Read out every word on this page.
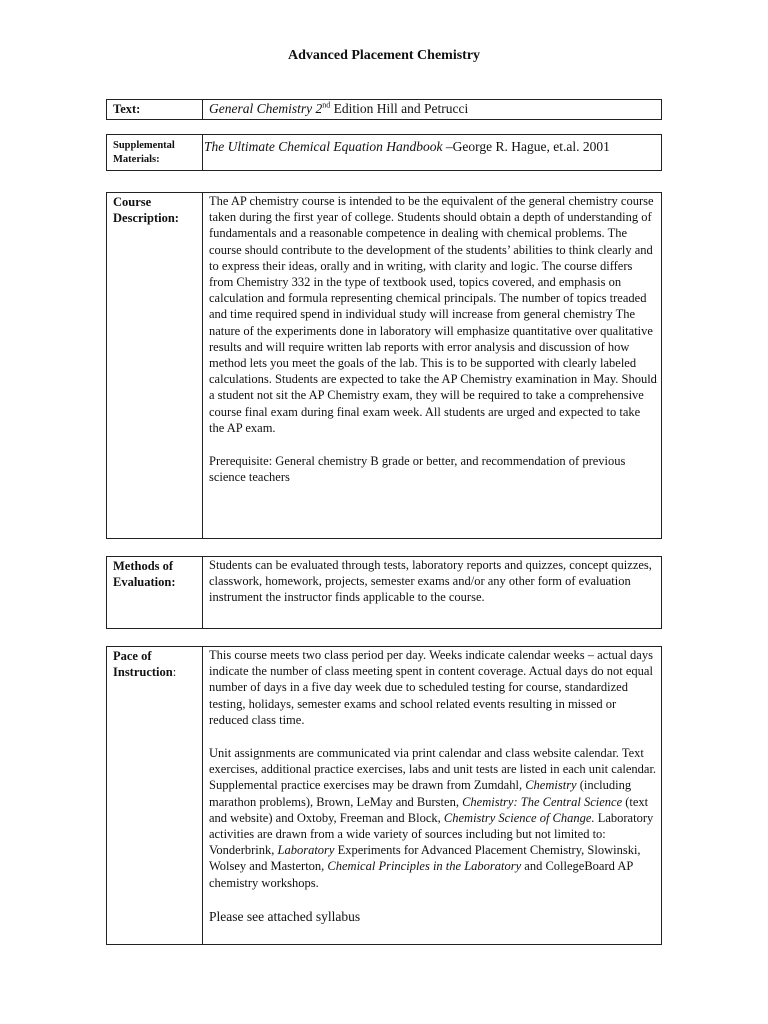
Advanced Placement Chemistry
Text:	General Chemistry 2nd Edition Hill and Petrucci
Supplemental
Materials:
	The Ultimate Chemical Equation Handbook –George R. Hague, et.al. 2001
Course
Description:

The AP chemistry course is intended to be the equivalent of the general chemistry course taken during the first year of college. Students should obtain a depth of understanding of fundamentals and a reasonable competence in dealing with chemical problems. The course should contribute to the development of the students’ abilities to think clearly and to express their ideas, orally and in writing, with clarity and logic. The course differs from Chemistry 332 in the type of textbook used, topics covered, and emphasis on calculation and formula representing chemical principals. The number of topics treaded and time required spend in individual study will increase from general chemistry The nature of the experiments done in laboratory will emphasize quantitative over qualitative results and will require written lab reports with error analysis and discussion of how method lets you meet the goals of the lab. This is to be supported with clearly labeled calculations. Students are expected to take the AP Chemistry examination in May. Should a student not sit the AP Chemistry exam, they will be required to take a comprehensive course final exam during final exam week. All students are urged and expected to take the AP exam.

Prerequisite: General chemistry B grade or better, and recommendation of previous science teachers

Methods of
Evaluation:
	Students can be evaluated through tests, laboratory reports and quizzes, concept quizzes, classwork, homework, projects, semester exams and/or any other form of evaluation instrument the instructor finds applicable to the course.
Pace of
Instruction:

This course meets two class period per day. Weeks indicate calendar weeks – actual days indicate the number of class meeting spent in content coverage. Actual days do not equal number of days in a five day week due to scheduled testing for course, standardized testing, holidays, semester exams and school related events resulting in missed or reduced class time.

Unit assignments are communicated via print calendar and class website calendar. Text exercises, additional practice exercises, labs and unit tests are listed in each unit calendar. Supplemental practice exercises may be drawn from Zumdahl, Chemistry (including marathon problems), Brown, LeMay and Bursten, Chemistry: The Central Science (text and website) and Oxtoby, Freeman and Block, Chemistry Science of Change. Laboratory activities are drawn from a wide variety of sources including but not limited to: Vonderbrink, Laboratory Experiments for Advanced Placement Chemistry, Slowinski, Wolsey and Masterton, Chemical Principles in the Laboratory and CollegeBoard AP chemistry workshops.

Please see attached syllabus
